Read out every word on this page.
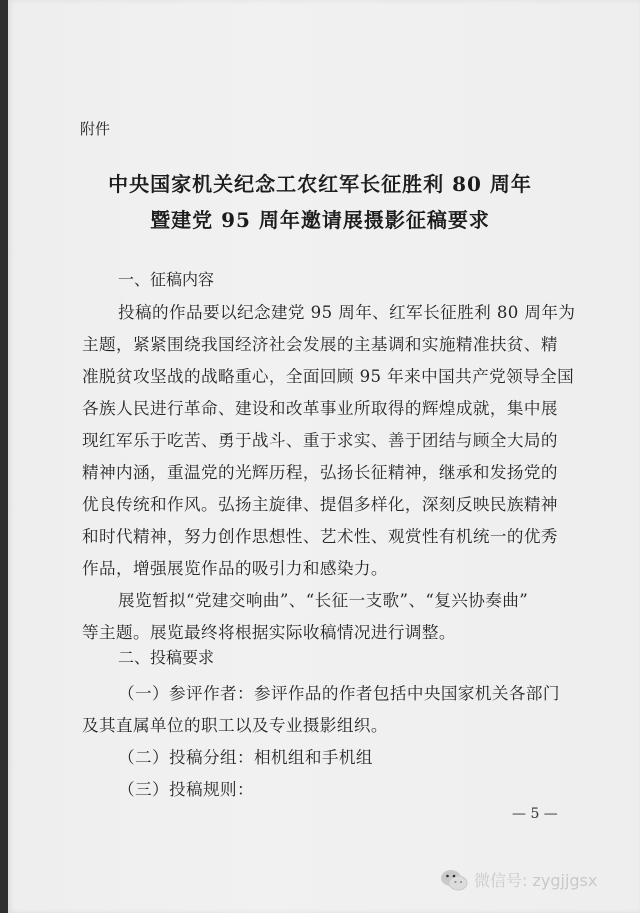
附件
中央国家机关纪念工农红军长征胜利 80 周年
暨建党 95 周年邀请展摄影征稿要求
一、征稿内容
投稿的作品要以纪念建党 95 周年、红军长征胜利 80 周年为
主题，紧紧围绕我国经济社会发展的主基调和实施精准扶贫、精
准脱贫攻坚战的战略重心，全面回顾 95 年来中国共产党领导全国
各族人民进行革命、建设和改革事业所取得的辉煌成就，集中展
现红军乐于吃苦、勇于战斗、重于求实、善于团结与顾全大局的
精神内涵，重温党的光辉历程，弘扬长征精神，继承和发扬党的
优良传统和作风。弘扬主旋律、提倡多样化，深刻反映民族精神
和时代精神，努力创作思想性、艺术性、观赏性有机统一的优秀
作品，增强展览作品的吸引力和感染力。
展览暂拟“党建交响曲”、“长征一支歌”、“复兴协奏曲”
等主题。展览最终将根据实际收稿情况进行调整。
二、投稿要求
（一）参评作者：参评作品的作者包括中央国家机关各部门
及其直属单位的职工以及专业摄影组织。
（二）投稿分组：相机组和手机组
（三）投稿规则：
— 5 —
微信号: zygjjgsx
